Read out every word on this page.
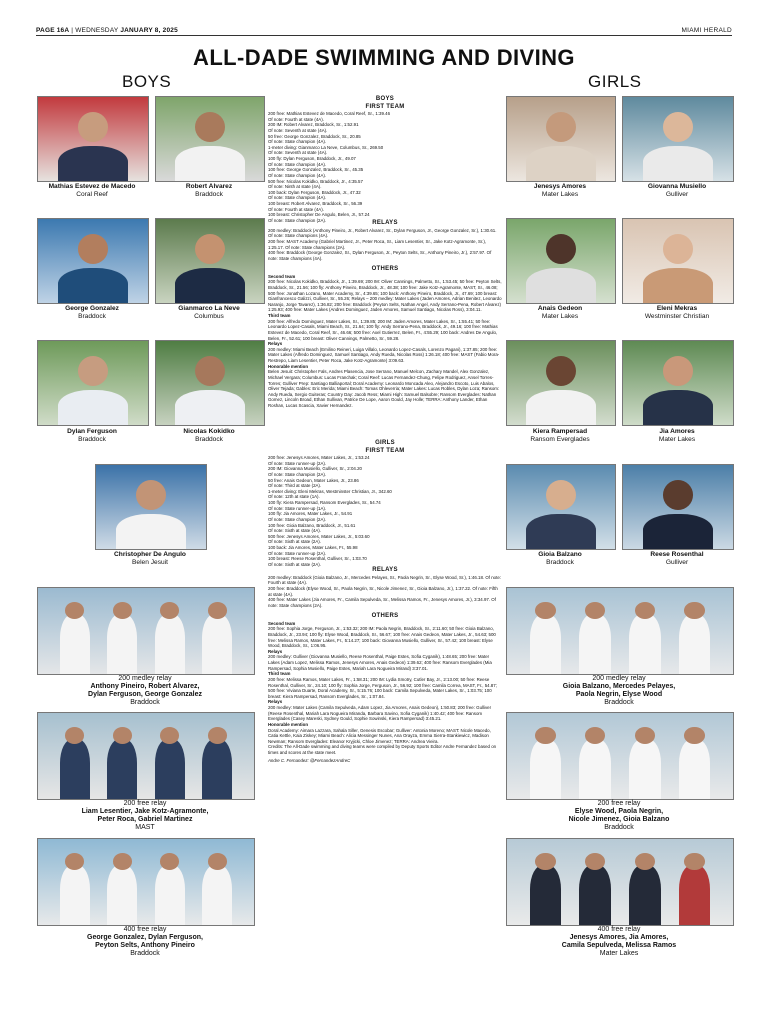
PAGE 16A | WEDNESDAY JANUARY 8, 2025	MIAMI HERALD
ALL-DADE SWIMMING AND DIVING
BOYS	GIRLS
Mathias Estevez de Macedo
Coral Reef
Robert Alvarez
Braddock
George Gonzalez
Braddock
Gianmarco La Neve
Columbus
Dylan Ferguson
Braddock
Nicolas Kokidko
Braddock
Christopher De Angulo
Belen Jesuit
200 medley relay
Anthony Pineiro, Robert Alvarez,
Dylan Ferguson, George Gonzalez
Braddock
200 free relay
Liam Lesentier, Jake Kotz-Agramonte,
Peter Roca, Gabriel Martinez
MAST
400 free relay
George Gonzalez, Dylan Ferguson,
Peyton Selts, Anthony Pineiro
Braddock
Jenesys Amores
Mater Lakes
Giovanna Musiello
Gulliver
Anais Gedeon
Mater Lakes
Eleni Mekras
Westminster Christian
Kiera Rampersad
Ransom Everglades
Jia Amores
Mater Lakes
Gioia Balzano
Braddock
Reese Rosenthal
Gulliver
200 medley relay
Gioia Balzano, Mercedes Pelayes,
Paola Negrin, Elyse Wood
Braddock
200 free relay
Elyse Wood, Paola Negrin,
Nicole Jimenez, Gioia Balzano
Braddock
400 free relay
Jenesys Amores, Jia Amores,
Camila Sepulveda, Melissa Ramos
Mater Lakes
BOYS
FIRST TEAM

200 free: Mathias Estevez de Macedo, Coral Reef, Sr., 1:39.46

Of note: Fourth at state (4A).

200 IM: Robert Alvarez, Braddock, Sr., 1:52.91

Of note: Seventh at state (4A).

50 free: George Gonzalez, Braddock, Sr., 20.85

Of note: State champion (4A).

1-meter diving: Gianmarco La Neve, Columbus, Sr., 269.50

Of note: Seventh at state (4A).

100 fly: Dylan Ferguson, Braddock, Jr., 49.07

Of note: State champion (4A).

100 free: George Gonzalez, Braddock, Sr., 45.35

Of note: State champion (4A).

500 free: Nicolas Kokidko, Braddock, Jr., 4:35.57

Of note: Ninth at state (4A).

100 back: Dylan Ferguson, Braddock, Jr., 47.32

Of note: State champion (4A).

100 breast: Robert Alvarez, Braddock, Sr., 56.39

Of note: Fourth at state (4A).

100 breast: Christopher De Angulo, Belen, Jr., 57.24

Of note: State champion (2A).	RELAYS

200 medley: Braddock (Anthony Pineiro, Jr., Robert Alvarez, Sr., Dylan Ferguson, Jr., George Gonzalez, Sr.), 1:30.61. Of note: State champions (4A).

200 free: MAST Academy (Gabriel Martinez, Jr., Peter Roca, Sr., Liam Lesentier, Sr., Jake Kotz-Agramonte, Sr.), 1:25.17. Of note: State champions (2A).

400 free: Braddock (George Gonzalez, Sr., Dylan Ferguson, Jr., Peyton Selts, Sr., Anthony Pineiro, Jr.), 2:57.97. Of note: State champions (4A).

OTHERS

Second team

200 free: Nicolas Kokidko, Braddock, Jr., 1:39.69; 200 IM: Oliver Cannings, Palmetto, Sr., 1:53.45; 50 free: Peyton Selts, Braddock, Sr., 21.56; 100 fly: Anthony Pineiro, Braddock, Jr., 48.38; 100 free: Jake Kotz-Agramonte, MAST, Sr., 46.08; 500 free: Jonathan Lozano, Mater Academy, Sr., 4:39.65; 100 back: Anthony Pineiro, Braddock, Jr., 47.69; 100 breast: Gianfrancesco Galizzi, Gulliver, Sr., 55.26; Relays – 200 medley: Mater Lakes (Jaden Amores, Adrian Benitez, Leonardo Naranjo, Jorge Tavarez), 1:36.82; 200 free: Braddock (Peyton Selts, Nathan Angel, Andy Serrano-Pena, Robert Alvarez) 1:25.93; 400 free: Mater Lakes (Andres Dominguez, Jaden Amores, Samuel Santiago, Nicolas Ross), 3:04.11.

Third team

200 free: Alfredo Dominguez, Mater Lakes, Sr., 1:39.85; 200 IM: Jaden Amores, Mater Lakes, Sr., 1:55.41; 50 free: Leonardo Lopez-Casals, Miami Beach, Sr., 21.64; 100 fly: Andy Serrano-Pena, Braddock, Jr., 49.16; 100 free: Mathias Estevez de Macedo, Coral Reef, Sr., 46.66; 500 free: Axel Gutierrez, Belen, Fr., 4:55.29; 100 back: Andres De Angulo, Belen, Fr., 52.61; 100 breast: Oliver Cannings, Palmetto, Sr., 59.28.

Relays

200 medley: Miami Beach (Emilino Reineri, Luiga Villalo, Leonardo Lopez-Casals, Lorenzo Pagani), 1:37.85; 200 free: Mater Lakes (Alfredo Dominguez, Samuel Santiago, Andy Rueda, Nicolas Ross) 1:26.18; 400 free: MAST (Fabio Mora-Restrepo, Liam Lesentier, Peter Roca, Jake Kotz-Agramonte) 3:09.63.

Honorable mention

Belen Jesuit: Christopher Fals, Andres Plasencia, Jose Serrano, Manuel Melcon, Zachary Mandel, Alex Gonzalez, Michael Vergara; Columbus: Lucas Franchak; Coral Reef: Lucas Fernandez-Chung, Felipe Rodriguez, Ansel Torres-Torres; Gulliver Prep: Santiago Balliaportal; Doral Academy: Leonardo Moncada Aleo, Alejandro Escoto, Luis Abalos, Oliver Tejada; Gables: Eric Merida; Miami Beach: Tomas Ohleverria; Mater Lakes: Lucas Robles, Dylan Loza; Ransom: Andy Rueda, Sergio Guiteras; Country Day: Jacob Ress; Miami High: Samuel Balsobre; Ransom Everglades: Nathan Gomez, Lincoln Broad, Ethan Sullivan, Patrice De Lope, Aaron Gould, Jay Holle; TERRA: Anthony Lander, Ethan Roshan, Lucas Scascia, Xavier Hernandez.

GIRLS
FIRST TEAM

200 free: Jenesys Amores, Mater Lakes, Jr., 1:53.24

Of note: State runner-up (2A).

200 IM: Giovanna Musiello, Gulliver, Sr., 2:04.20

Of note: State champion (2A).

50 free: Anais Gedeon, Mater Lakes, Jr., 23.86

Of note: Third at state (2A).

1-meter diving: Eleni Mekras, Westminster Christian, Jr., 342.60

Of note: 12th at state (1A).

100 fly: Kiera Rampersad, Ransom Everglades, Sr., 54.74

Of note: State runner-up (1A).

100 fly: Jia Amores, Mater Lakes, Jr., 54.91

Of note: State champion (2A).

100 free: Gioia Balzano, Braddock, Jr., 51.61

Of note: Sixth at state (4A).

500 free: Jenesys Amores, Mater Lakes, Jr., 5:03.60

Of note: Sixth at state (2A).

100 back: Jia Amores, Mater Lakes, Fr., 55.98

Of note: State runner-up (2A).

100 breast: Reese Rosenthal, Gulliver, Sr., 1:03.70

Of note: Sixth at state (2A).

RELAYS

200 medley: Braddock (Gioia Balzano, Jr., Mercedes Pelayes, Sr., Paola Negrin, Sr., Elyse Wood, Sr.), 1:46.18. Of note: Fourth at state (4A).

200 free: Braddock (Elyse Wood, Sr., Paola Negrin, Sr., Nicole Jimenez, Sr., Gioia Balzano, Jr.), 1:37.22. Of note: Fifth at state (4A).

400 free: Mater Lakes (Jia Amores, Fr., Camila Sepulveda, Sr., Melissa Ramos, Fr., Jenesys Amores, Jr.), 3:34.97. Of note: State champions (2A).

OTHERS

Second team

200 free: Sophia Jorge, Ferguson, Jr., 1:53.32; 200 IM: Paola Negrin, Braddock, Sr., 2:11.60; 50 free: Gioia Balzano, Braddock, Jr., 23.94; 100 fly: Elyse Wood, Braddock, Sr., 56.67; 100 free: Anais Gedeon, Mater Lakes, Jr., 54.63; 500 free: Melissa Ramos, Mater Lakes, Fr., 5:14.27; 100 back: Giovanna Musiello, Gulliver, Sr., 57.42; 100 breast: Elyse Wood, Braddock, Sr., 1:06.95.

Relays

200 medley: Gulliver (Giovanna Musiello, Reese Rosenthal, Paige Estes, Sofia Cyganik), 1:48.65; 200 free: Mater Lakes (Adam Lopez, Melissa Ramos, Jenesys Amores, Anais Gedeon) 1:39.62; 400 free: Ransom Everglades (Mia Rampersad, Sophia Musiello, Paige Estes, Mariah Lara Nogueira Mirand) 3:37.01.

Third team

200 free: Melissa Ramos, Mater Lakes, Fr., 1:58.31; 200 IM: Lydia Smotry, Cutler Bay, Jr., 2:13.00; 50 free: Reese Rosenthal, Gulliver, Sr., 24.10; 100 fly: Sophia Jorge, Ferguson, Jr., 56.92; 100 free: Camila Correa, MAST, Fr., 54.87; 500 free: Viviana Duarte, Doral Academy, Sr., 5:15.76; 100 back: Camila Sepulveda, Mater Lakes, Sr., 1:03.75; 100 breast: Kiera Rampersad, Ransom Everglades, Sr., 1:07.84.

Relays

200 medley: Mater Lakes (Camila Sepulveda, Adam Lopez, Jia Amores, Anais Gedeon), 1:50.83; 200 free: Gulliver (Reese Rosenthal, Mariah Lara Nogueira Miranda, Barbara Savino, Sofia Cyganik) 1:40.42; 400 free: Ransom Everglades (Casey Mareski, Sydney Gould, Sophie Sowinski, Kiera Rampersad) 3:45.21.

Honorable mention

Doral Academy: Aimara Lazzara, Sahala Siller, Genesis Escobar; Gulliver: Antonia Moreno; MAST: Nicole Macedo, Catia Kettle, Kaia Ziskey; Miami Beach: Alicia Messinger Nunes, Ana Orayza, Emma Sierra-Stankiewicz, Madison Newman; Ransom Everglades: Eleanor Kryjicki, Chloe Jimenez; TERRA: Andrea Vieira.

Credits: The All-Dade swimming and diving teams were compiled by Deputy Sports Editor Andre Fernandez based on times and scores at the state meet.

Andre C. Fernandez: @FernandezAndreC
